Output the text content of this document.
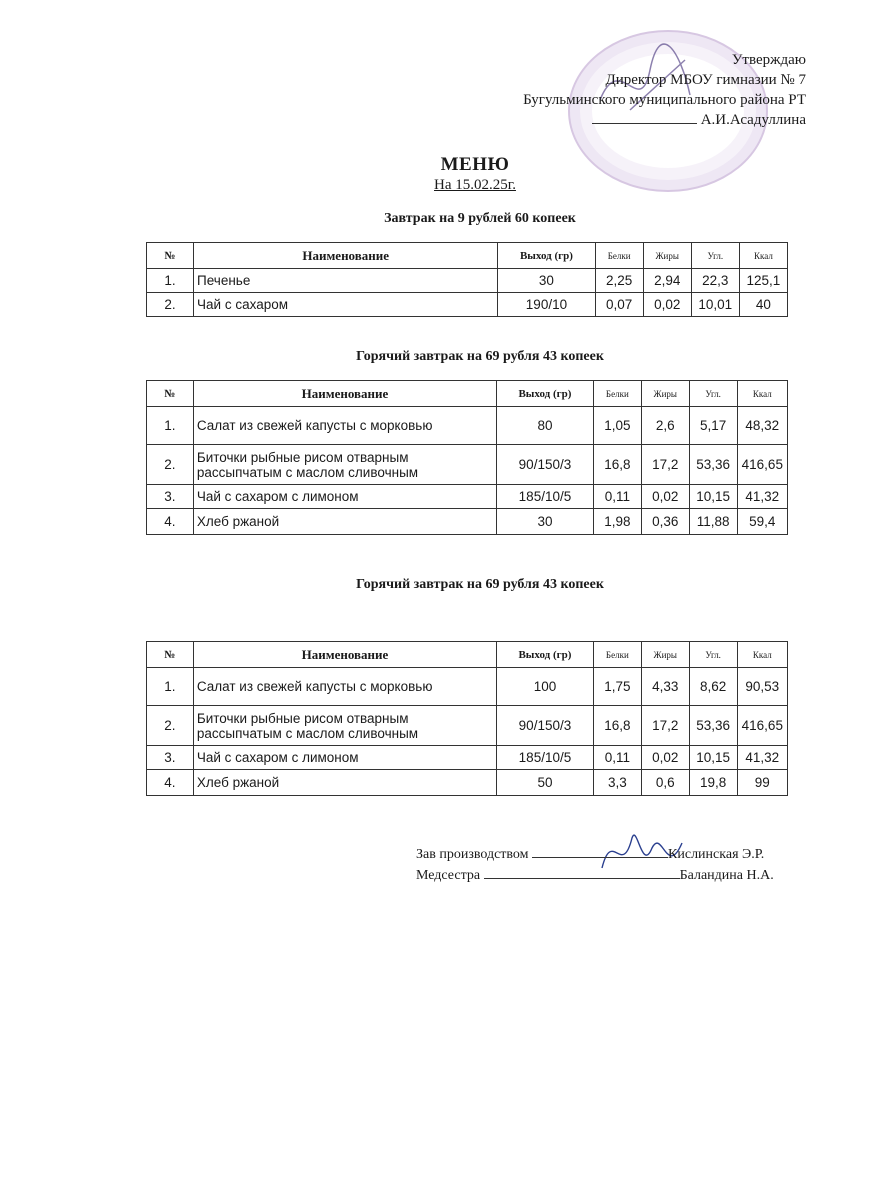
Утверждаю
Директор МБОУ гимназии № 7
Бугульминского муниципального района РТ
А.И.Асадуллина
МЕНЮ
На 15.02.25г.
Завтрак на 9 рублей 60 копеек
№	Наименование	Выход (гр)	Белки	Жиры	Угл.	Ккал
1.	Печенье	30	2,25	2,94	22,3	125,1
2.	Чай с сахаром	190/10	0,07	0,02	10,01	40
Горячий завтрак на 69 рубля 43 копеек
№	Наименование	Выход (гр)	Белки	Жиры	Угл.	Ккал
1.	Салат из свежей капусты с морковью	80	1,05	2,6	5,17	48,32
2.	Биточки рыбные рисом отварным рассыпчатым с маслом сливочным	90/150/3	16,8	17,2	53,36	416,65
3.	Чай с сахаром с лимоном	185/10/5	0,11	0,02	10,15	41,32
4.	Хлеб ржаной	30	1,98	0,36	11,88	59,4
Горячий завтрак на 69 рубля 43 копеек
№	Наименование	Выход (гр)	Белки	Жиры	Угл.	Ккал
1.	Салат из свежей капусты с морковью	100	1,75	4,33	8,62	90,53
2.	Биточки рыбные рисом отварным рассыпчатым с маслом сливочным	90/150/3	16,8	17,2	53,36	416,65
3.	Чай с сахаром с лимоном	185/10/5	0,11	0,02	10,15	41,32
4.	Хлеб ржаной	50	3,3	0,6	19,8	99
Зав производством	Кислинская Э.Р.
Медсестра	Баландина Н.А.
